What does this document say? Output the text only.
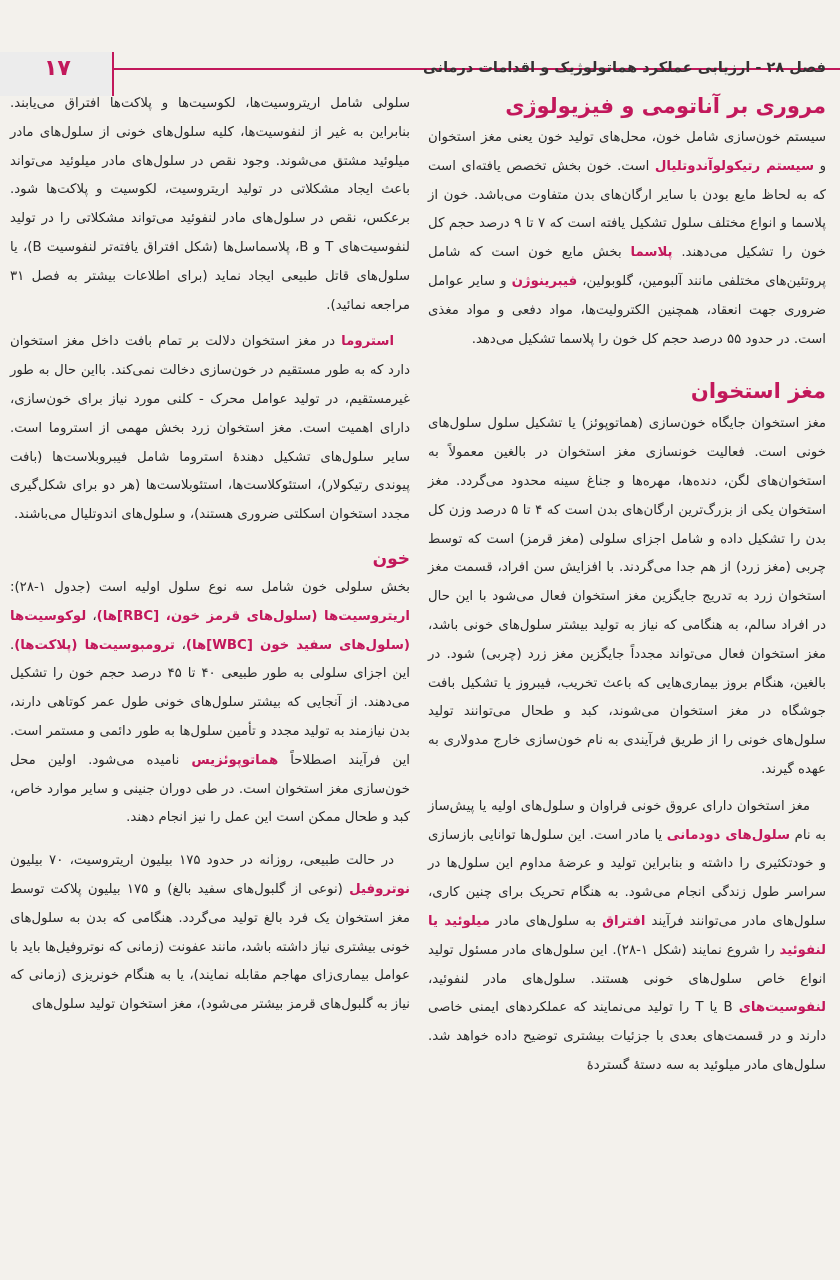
۱۷	فصل ۲۸ - ارزیابی عملکرد هماتولوژیک و اقدامات درمانی
مروری بر آناتومی و فیزیولوژی

سیستم خون‌سازی شامل خون، محل‌های تولید خون یعنی مغز استخوان و سیستم رتیکولوآندوتلیال است. خون بخش تخصص یافته‌ای است که به لحاظ مایع بودن با سایر ارگان‌های بدن متفاوت می‌باشد. خون از پلاسما و انواع مختلف سلول تشکیل یافته است که ۷ تا ۹ درصد حجم کل خون را تشکیل می‌دهند. پلاسما بخش مایع خون است که شامل پروتئین‌های مختلفی مانند آلبومین، گلوبولین، فیبرینوژن و سایر عوامل ضروری جهت انعقاد، همچنین الکترولیت‌ها، مواد دفعی و مواد مغذی است. در حدود ۵۵ درصد حجم کل خون را پلاسما تشکیل می‌دهد.

مغز استخوان

مغز استخوان جایگاه خون‌سازی (هماتوپوئز) یا تشکیل سلول سلول‌های خونی است. فعالیت خونسازی مغز استخوان در بالغین معمولاً به استخوان‌های لگن، دنده‌ها، مهره‌ها و جناغ سینه محدود می‌گردد. مغز استخوان یکی از بزرگ‌ترین ارگان‌های بدن است که ۴ تا ۵ درصد وزن کل بدن را تشکیل داده و شامل اجزای سلولی (مغز قرمز) است که توسط چربی (مغز زرد) از هم جدا می‌گردند. با افزایش سن افراد، قسمت مغز استخوان زرد به تدریج جایگزین مغز استخوان فعال می‌شود با این حال در افراد سالم، به هنگامی که نیاز به تولید بیشتر سلول‌های خونی باشد، مغز استخوان فعال می‌تواند مجدداً جایگزین مغز زرد (چربی) شود. در بالغین، هنگام بروز بیماری‌هایی که باعث تخریب، فیبروز یا تشکیل بافت جوشگاه در مغز استخوان می‌شوند، کبد و طحال می‌توانند تولید سلول‌های خونی را از طریق فرآیندی به نام خون‌سازی خارج مدولاری به عهده گیرند.

مغز استخوان دارای عروق خونی فراوان و سلول‌های اولیه یا پیش‌ساز به نام سلول‌های دودمانی یا مادر است. این سلول‌ها توانایی بازسازی و خودتکثیری را داشته و بنابراین تولید و عرضهٔ مداوم این سلول‌ها در سراسر طول زندگی انجام می‌شود. به هنگام تحریک برای چنین کاری، سلول‌های مادر می‌توانند فرآیند افتراق به سلول‌های مادر میلوئید یا لنفوئید را شروع نمایند (شکل ۱-۲۸). این سلول‌های مادر مسئول تولید انواع خاص سلول‌های خونی هستند. سلول‌های مادر لنفوئید، لنفوسیت‌های B یا T را تولید می‌نمایند که عملکردهای ایمنی خاصی دارند و در قسمت‌های بعدی با جزئیات بیشتری توضیح داده خواهد شد. سلول‌های مادر میلوئید به سه دستهٔ گستردهٔ

سلولی شامل اریتروسیت‌ها، لکوسیت‌ها و پلاکت‌ها افتراق می‌یابند. بنابراین به غیر از لنفوسیت‌ها، کلیه سلول‌های خونی از سلول‌های مادر میلوئید مشتق می‌شوند. وجود نقص در سلول‌های مادر میلوئید می‌تواند باعث ایجاد مشکلاتی در تولید اریتروسیت، لکوسیت و پلاکت‌ها شود. برعکس، نقص در سلول‌های مادر لنفوئید می‌تواند مشکلاتی را در تولید لنفوسیت‌های T و B، پلاسماسل‌ها (شکل افتراق یافته‌تر لنفوسیت B)، یا سلول‌های قاتل طبیعی ایجاد نماید (برای اطلاعات بیشتر به فصل ۳۱ مراجعه نمائید).

استروما در مغز استخوان دلالت بر تمام بافت داخل مغز استخوان دارد که به طور مستقیم در خون‌سازی دخالت نمی‌کند. بااین حال به طور غیرمستقیم، در تولید عوامل محرک - کلنی مورد نیاز برای خون‌سازی، دارای اهمیت است. مغز استخوان زرد بخش مهمی از استروما است. سایر سلول‌های تشکیل دهندهٔ استروما شامل فیبروبلاست‌ها (بافت پیوندی رتیکولار)، استئوکلاست‌ها، استئوبلاست‌ها (هر دو برای شکل‌گیری مجدد استخوان اسکلتی ضروری هستند)، و سلول‌های اندوتلیال می‌باشند.

خون

بخش سلولی خون شامل سه نوع سلول اولیه است (جدول ۱-۲۸): اریتروسیت‌ها (سلول‌های قرمز خون، [RBC]ها)، لوکوسیت‌ها (سلول‌های سفید خون [WBC]ها)، ترومبوسیت‌ها (پلاکت‌ها). این اجزای سلولی به طور طبیعی ۴۰ تا ۴۵ درصد حجم خون را تشکیل می‌دهند. از آنجایی که بیشتر سلول‌های خونی طول عمر کوتاهی دارند، بدن نیازمند به تولید مجدد و تأمین سلول‌ها به طور دائمی و مستمر است. این فرآیند اصطلاحاً هماتوپوئزیس نامیده می‌شود. اولین محل خون‌سازی مغز استخوان است. در طی دوران جنینی و سایر موارد خاص، کبد و طحال ممکن است این عمل را نیز انجام دهند.

در حالت طبیعی، روزانه در حدود ۱۷۵ بیلیون اریتروسیت، ۷۰ بیلیون نوتروفیل (نوعی از گلبول‌های سفید بالغ) و ۱۷۵ بیلیون پلاکت توسط مغز استخوان یک فرد بالغ تولید می‌گردد. هنگامی که بدن به سلول‌های خونی بیشتری نیاز داشته باشد، مانند عفونت (زمانی که نوتروفیل‌ها باید با عوامل بیماری‌زای مهاجم مقابله نمایند)، یا به هنگام خونریزی (زمانی که نیاز به گلبول‌های قرمز بیشتر می‌شود)، مغز استخوان تولید سلول‌های
